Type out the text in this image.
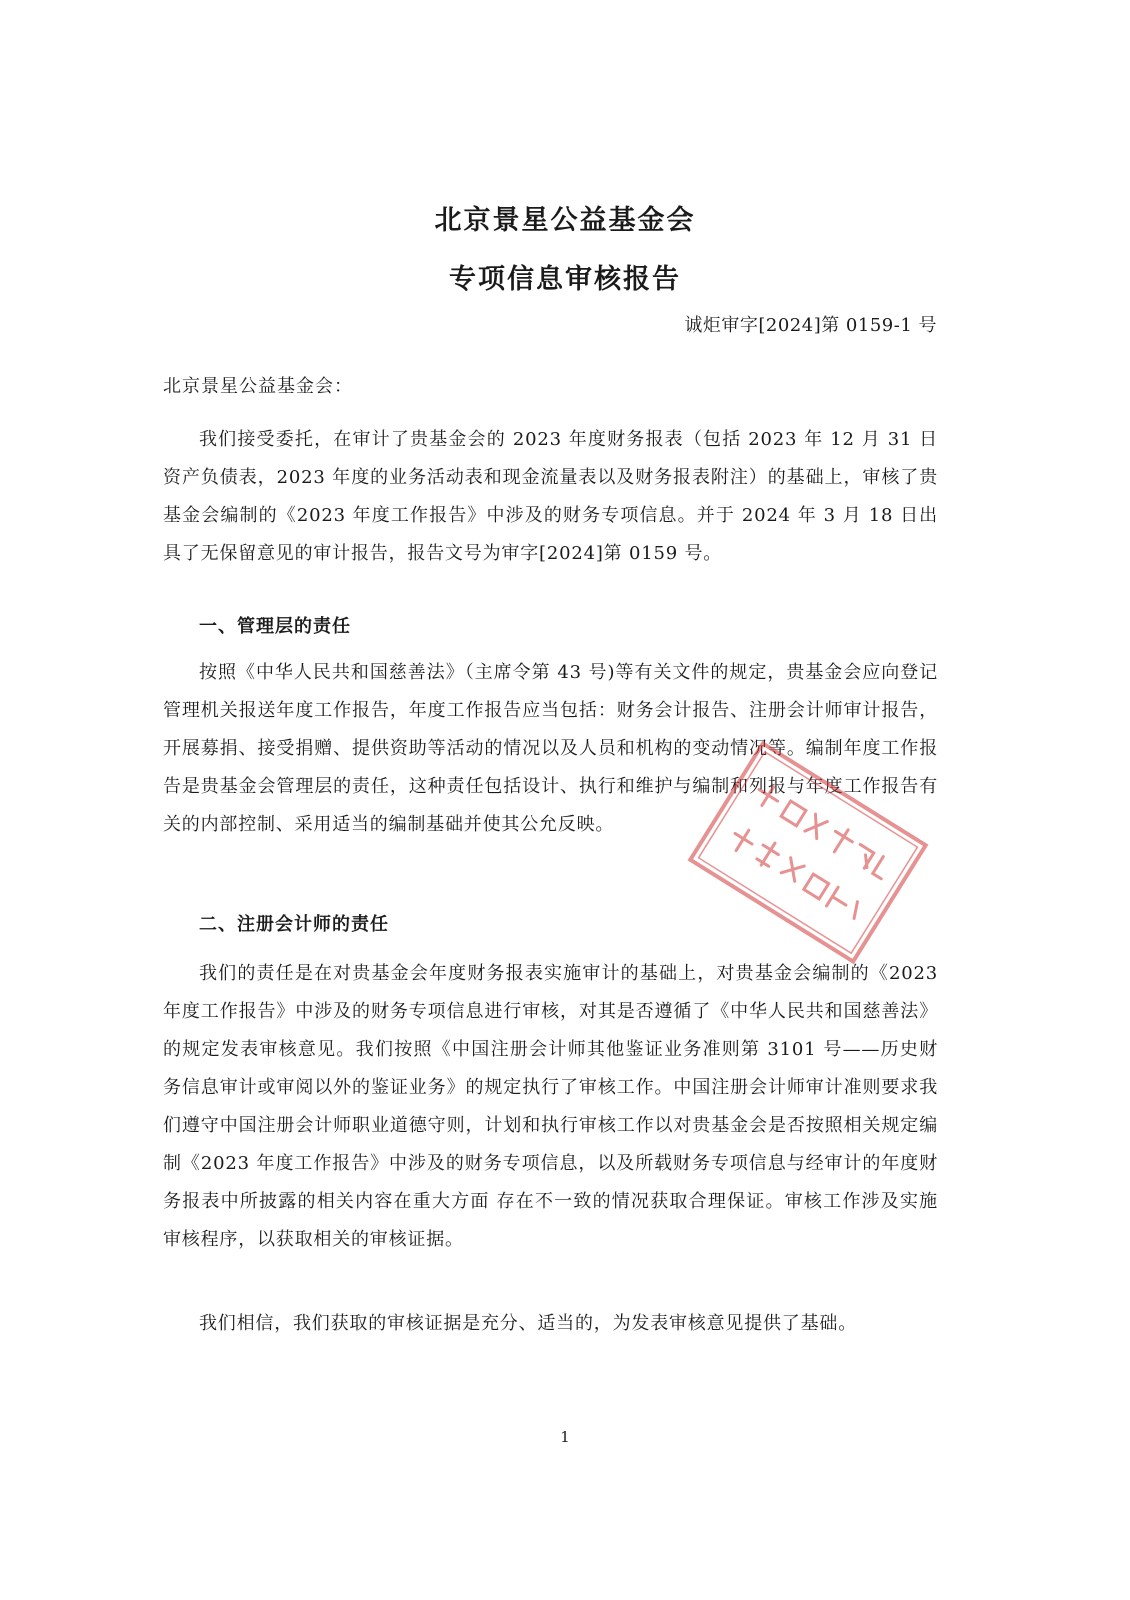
北京景星公益基金会
专项信息审核报告
诚炬审字[2024]第 0159-1 号
北京景星公益基金会：

我们接受委托，在审计了贵基金会的 2023 年度财务报表（包括 2023 年 12 月 31 日资产负债表，2023 年度的业务活动表和现金流量表以及财务报表附注）的基础上，审核了贵基金会编制的《2023 年度工作报告》中涉及的财务专项信息。并于 2024 年 3 月 18 日出具了无保留意见的审计报告，报告文号为审字[2024]第 0159 号。

一、管理层的责任

按照《中华人民共和国慈善法》（主席令第 43 号)等有关文件的规定，贵基金会应向登记管理机关报送年度工作报告，年度工作报告应当包括：财务会计报告、注册会计师审计报告，开展募捐、接受捐赠、提供资助等活动的情况以及人员和机构的变动情况等。编制年度工作报告是贵基金会管理层的责任，这种责任包括设计、执行和维护与编制和列报与年度工作报告有关的内部控制、采用适当的编制基础并使其公允反映。

二、注册会计师的责任

我们的责任是在对贵基金会年度财务报表实施审计的基础上，对贵基金会编制的《2023 年度工作报告》中涉及的财务专项信息进行审核，对其是否遵循了《中华人民共和国慈善法》的规定发表审核意见。我们按照《中国注册会计师其他鉴证业务准则第 3101 号——历史财务信息审计或审阅以外的鉴证业务》的规定执行了审核工作。中国注册会计师审计准则要求我们遵守中国注册会计师职业道德守则，计划和执行审核工作以对贵基金会是否按照相关规定编制《2023 年度工作报告》中涉及的财务专项信息，以及所载财务专项信息与经审计的年度财务报表中所披露的相关内容在重大方面 存在不一致的情况获取合理保证。审核工作涉及实施审核程序，以获取相关的审核证据。

我们相信，我们获取的审核证据是充分、适当的，为发表审核意见提供了基础。

1
